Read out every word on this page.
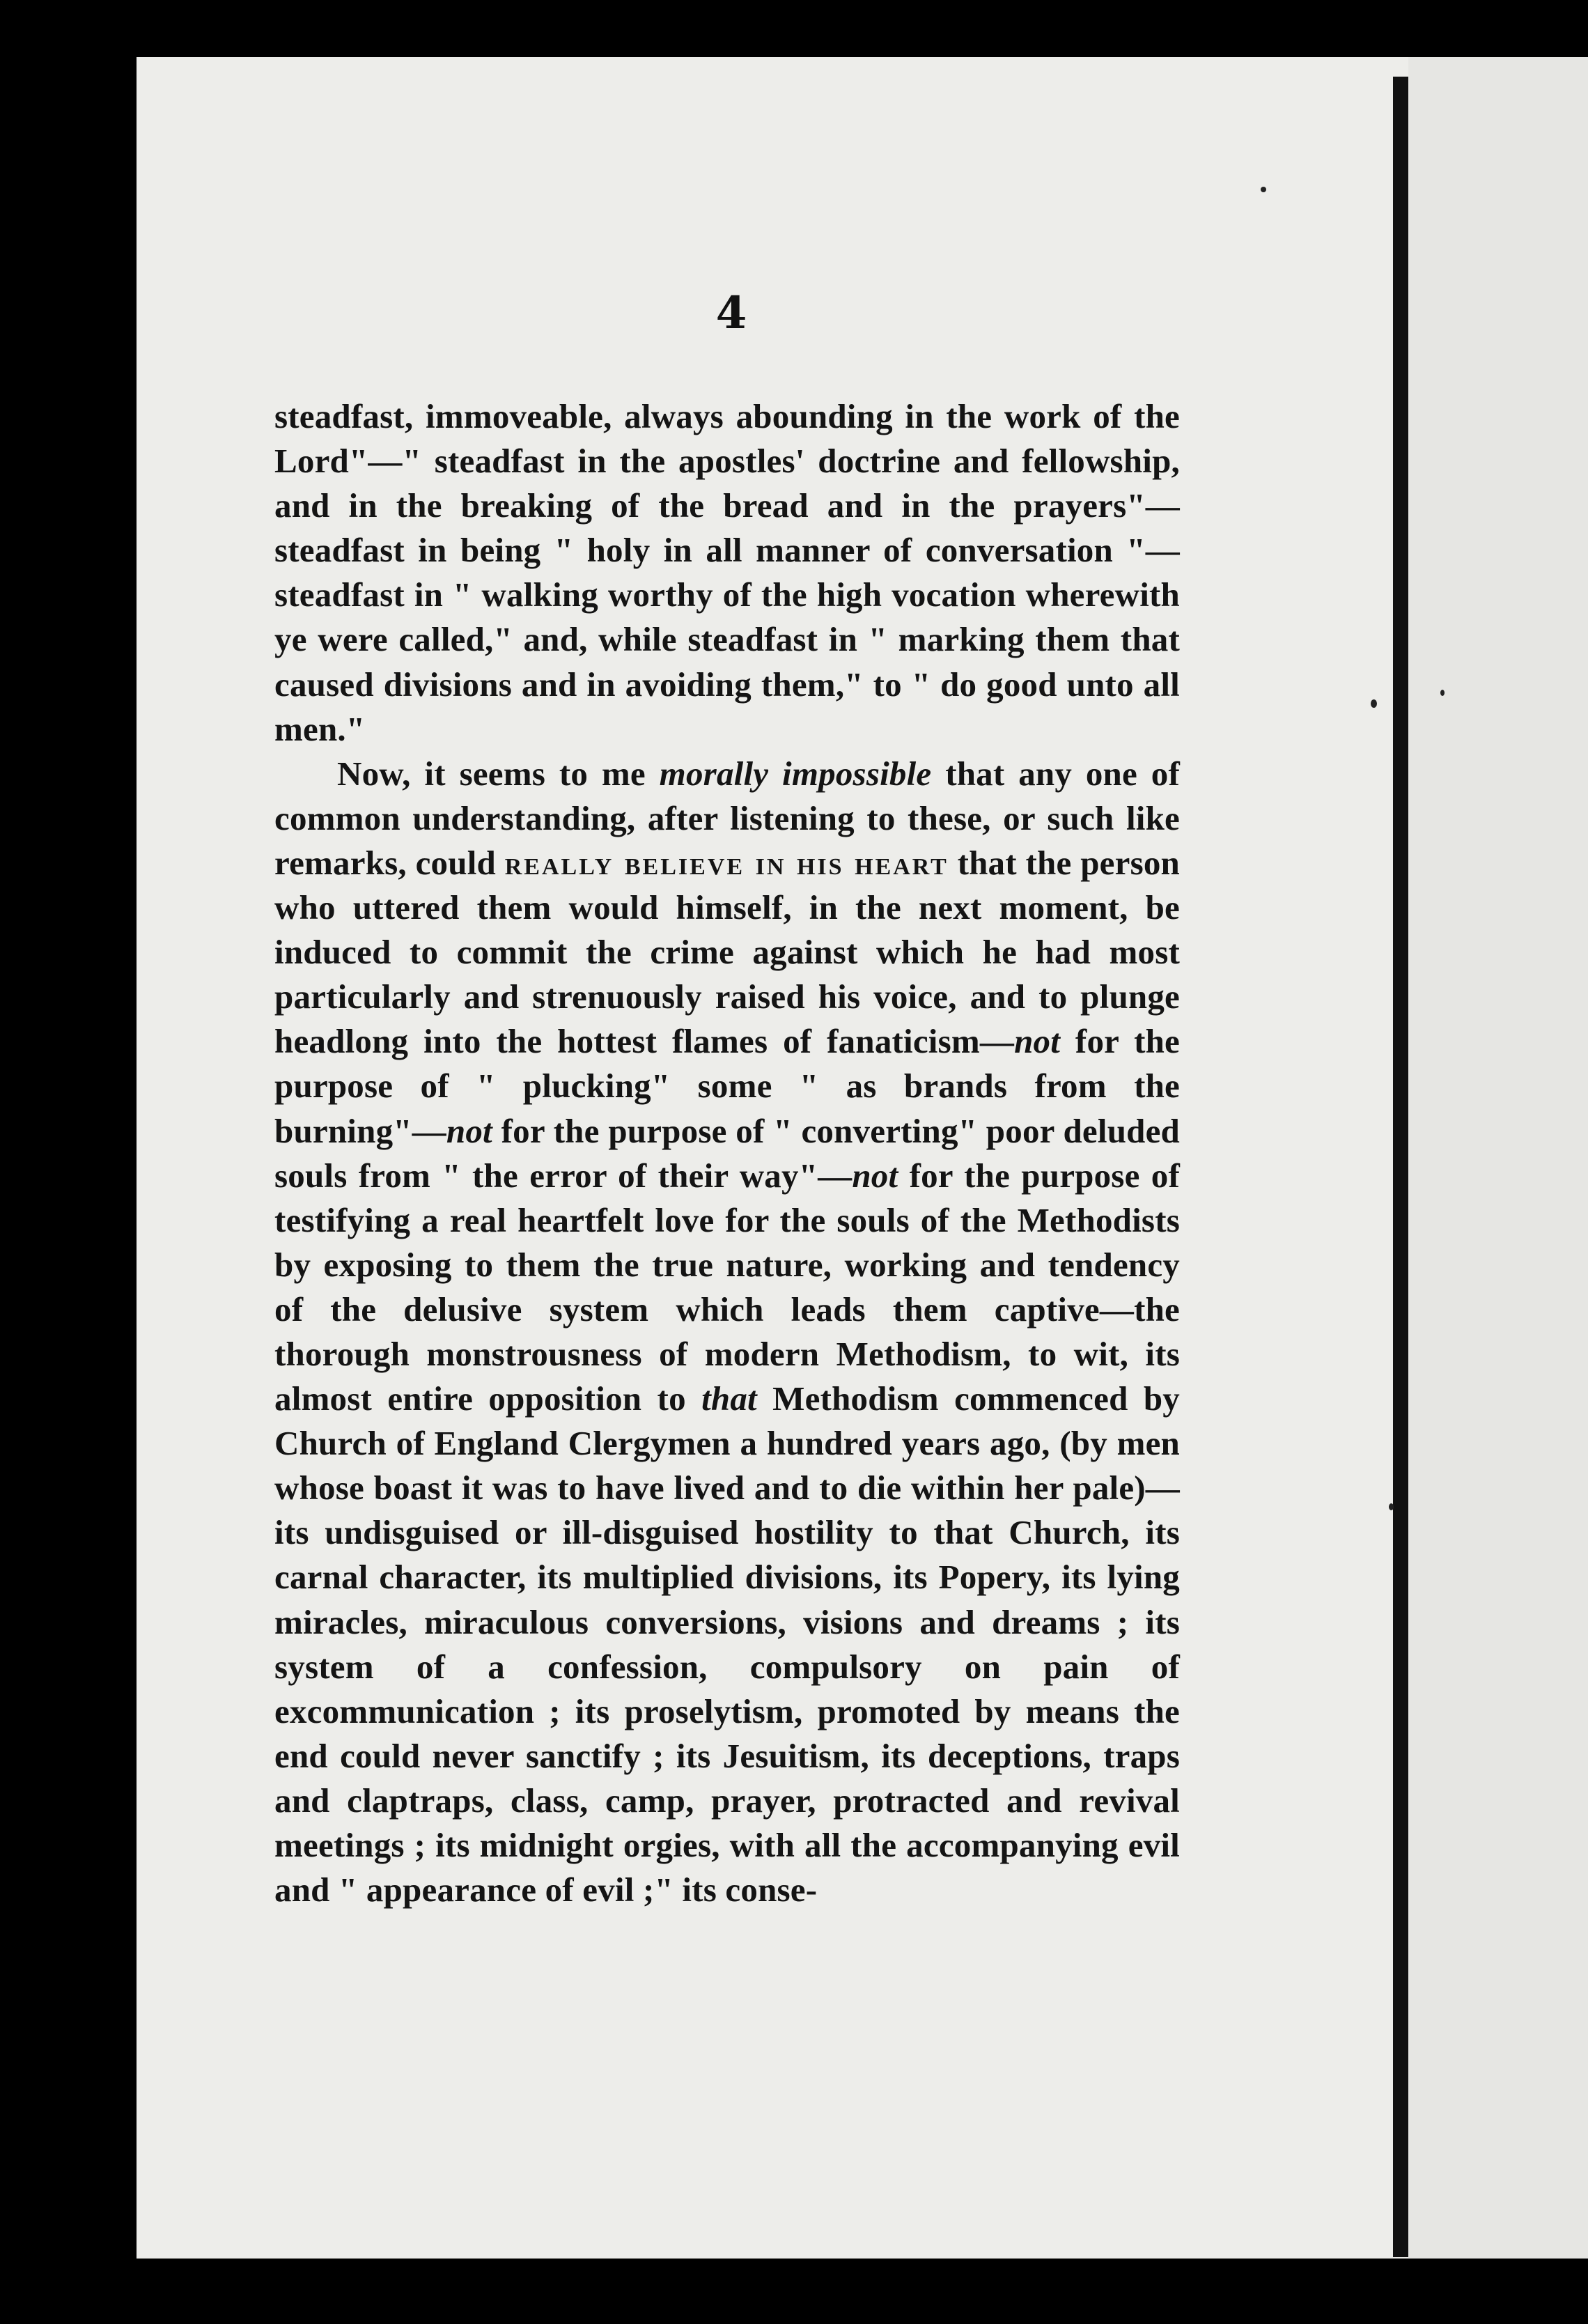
4

steadfast, immoveable, always abounding in the work of the Lord"—" steadfast in the apostles' doctrine and fellowship, and in the breaking of the bread and in the prayers"—steadfast in being " holy in all manner of conversation "—steadfast in " walking worthy of the high vocation wherewith ye were called," and, while steadfast in " marking them that caused divisions and in avoiding them," to " do good unto all men."

Now, it seems to me morally impossible that any one of common understanding, after listening to these, or such like remarks, could really believe in his heart that the person who uttered them would himself, in the next moment, be induced to commit the crime against which he had most particularly and strenuously raised his voice, and to plunge headlong into the hottest flames of fanaticism—not for the purpose of " plucking" some " as brands from the burning"—not for the purpose of " converting" poor deluded souls from " the error of their way"—not for the purpose of testifying a real heartfelt love for the souls of the Methodists by exposing to them the true nature, working and tendency of the delusive system which leads them captive—the thorough monstrousness of modern Methodism, to wit, its almost entire opposition to that Methodism commenced by Church of England Clergymen a hundred years ago, (by men whose boast it was to have lived and to die within her pale)—its undisguised or ill-disguised hostility to that Church, its carnal character, its multiplied divisions, its Popery, its lying miracles, miraculous conversions, visions and dreams ; its system of a confession, compulsory on pain of excommunication ; its proselytism, promoted by means the end could never sanctify ; its Jesuitism, its deceptions, traps and claptraps, class, camp, prayer, protracted and revival meetings ; its midnight orgies, with all the accompanying evil and " appearance of evil ;" its conse-
